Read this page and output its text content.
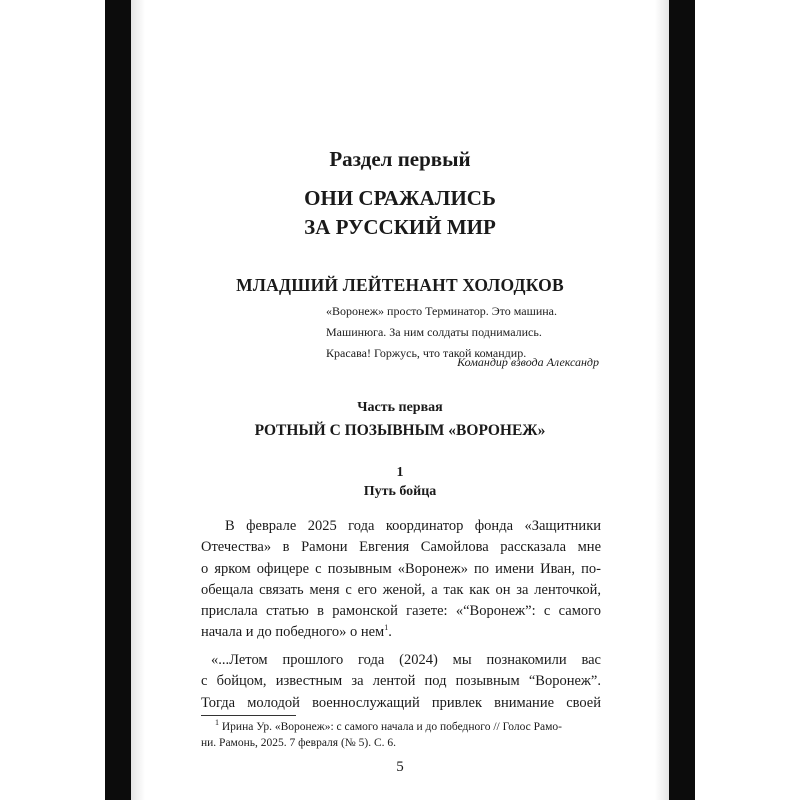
Раздел первый
ОНИ СРАЖАЛИСЬ
ЗА РУССКИЙ МИР
МЛАДШИЙ ЛЕЙТЕНАНТ ХОЛОДКОВ
«Воронеж» просто Терминатор. Это машина.
Машинюга. За ним солдаты поднимались.
Красава! Горжусь, что такой командир.
Командир взвода Александр
Часть первая
РОТНЫЙ С ПОЗЫВНЫМ «ВОРОНЕЖ»
1
Путь бойца
В феврале 2025 года координатор фонда «Защитники
Отечества» в Рамони Евгения Самойлова рассказала мне
о ярком офицере с позывным «Воронеж» по имени Иван, по-
обещала связать меня с его женой, а так как он за ленточкой,
прислала статью в рамонской газете: «“Воронеж”: с самого
начала и до победного» о нем$^1$.
«...Летом прошлого года (2024) мы познакомили вас
с бойцом, известным за лентой под позывным “Воронеж”.
Тогда молодой военнослужащий привлек внимание своей
$^1$ Ирина Ур. «Воронеж»: с самого начала и до победного // Голос Рамо-
ни. Рамонь, 2025. 7 февраля (№ 5). С. 6.
5
